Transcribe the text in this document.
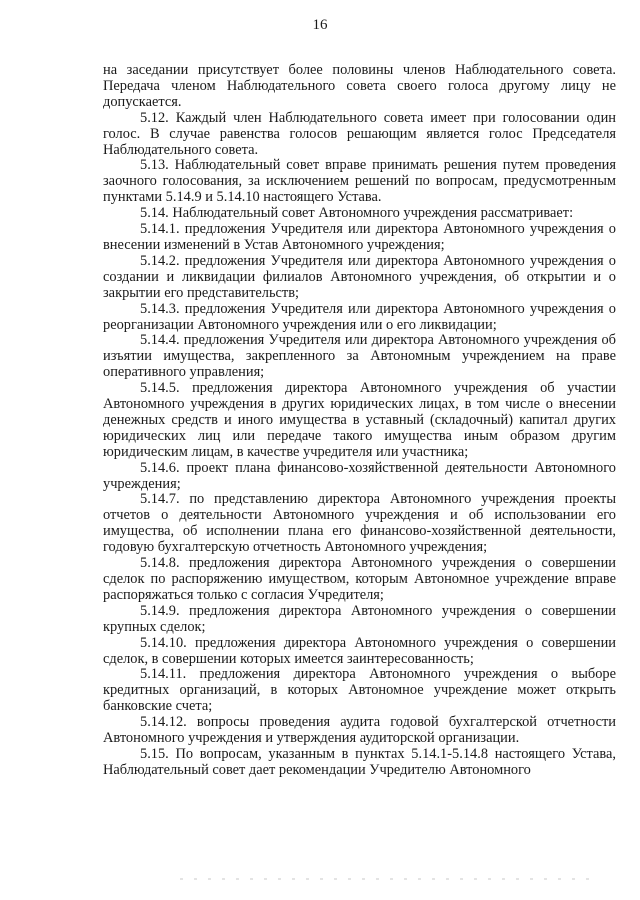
16

на заседании присутствует более половины членов Наблюдательного совета. Передача членом Наблюдательного совета своего голоса другому лицу не допускается.

5.12. Каждый член Наблюдательного совета имеет при голосовании один голос. В случае равенства голосов решающим является голос Председателя Наблюдательного совета.

5.13. Наблюдательный совет вправе принимать решения путем проведения заочного голосования, за исключением решений по вопросам, предусмотренным пунктами 5.14.9 и 5.14.10 настоящего Устава.

5.14. Наблюдательный совет Автономного учреждения рассматривает:

5.14.1. предложения Учредителя или директора Автономного учреждения о внесении изменений в Устав Автономного учреждения;

5.14.2. предложения Учредителя или директора Автономного учреждения о создании и ликвидации филиалов Автономного учреждения, об открытии и о закрытии его представительств;

5.14.3. предложения Учредителя или директора Автономного учреждения о реорганизации Автономного учреждения или о его ликвидации;

5.14.4. предложения Учредителя или директора Автономного учреждения об изъятии имущества, закрепленного за Автономным учреждением на праве оперативного управления;

5.14.5. предложения директора Автономного учреждения об участии Автономного учреждения в других юридических лицах, в том числе о внесении денежных средств и иного имущества в уставный (складочный) капитал других юридических лиц или передаче такого имущества иным образом другим юридическим лицам, в качестве учредителя или участника;

5.14.6. проект плана финансово-хозяйственной деятельности Автономного учреждения;

5.14.7. по представлению директора Автономного учреждения проекты отчетов о деятельности Автономного учреждения и об использовании его имущества, об исполнении плана его финансово-хозяйственной деятельности, годовую бухгалтерскую отчетность Автономного учреждения;

5.14.8. предложения директора Автономного учреждения о совершении сделок по распоряжению имуществом, которым Автономное учреждение вправе распоряжаться только с согласия Учредителя;

5.14.9. предложения директора Автономного учреждения о совершении крупных сделок;

5.14.10. предложения директора Автономного учреждения о совершении сделок, в совершении которых имеется заинтересованность;

5.14.11. предложения директора Автономного учреждения о выборе кредитных организаций, в которых Автономное учреждение может открыть банковские счета;

5.14.12. вопросы проведения аудита годовой бухгалтерской отчетности Автономного учреждения и утверждения аудиторской организации.

5.15. По вопросам, указанным в пунктах 5.14.1-5.14.8 настоящего Устава, Наблюдательный совет дает рекомендации Учредителю Автономного
